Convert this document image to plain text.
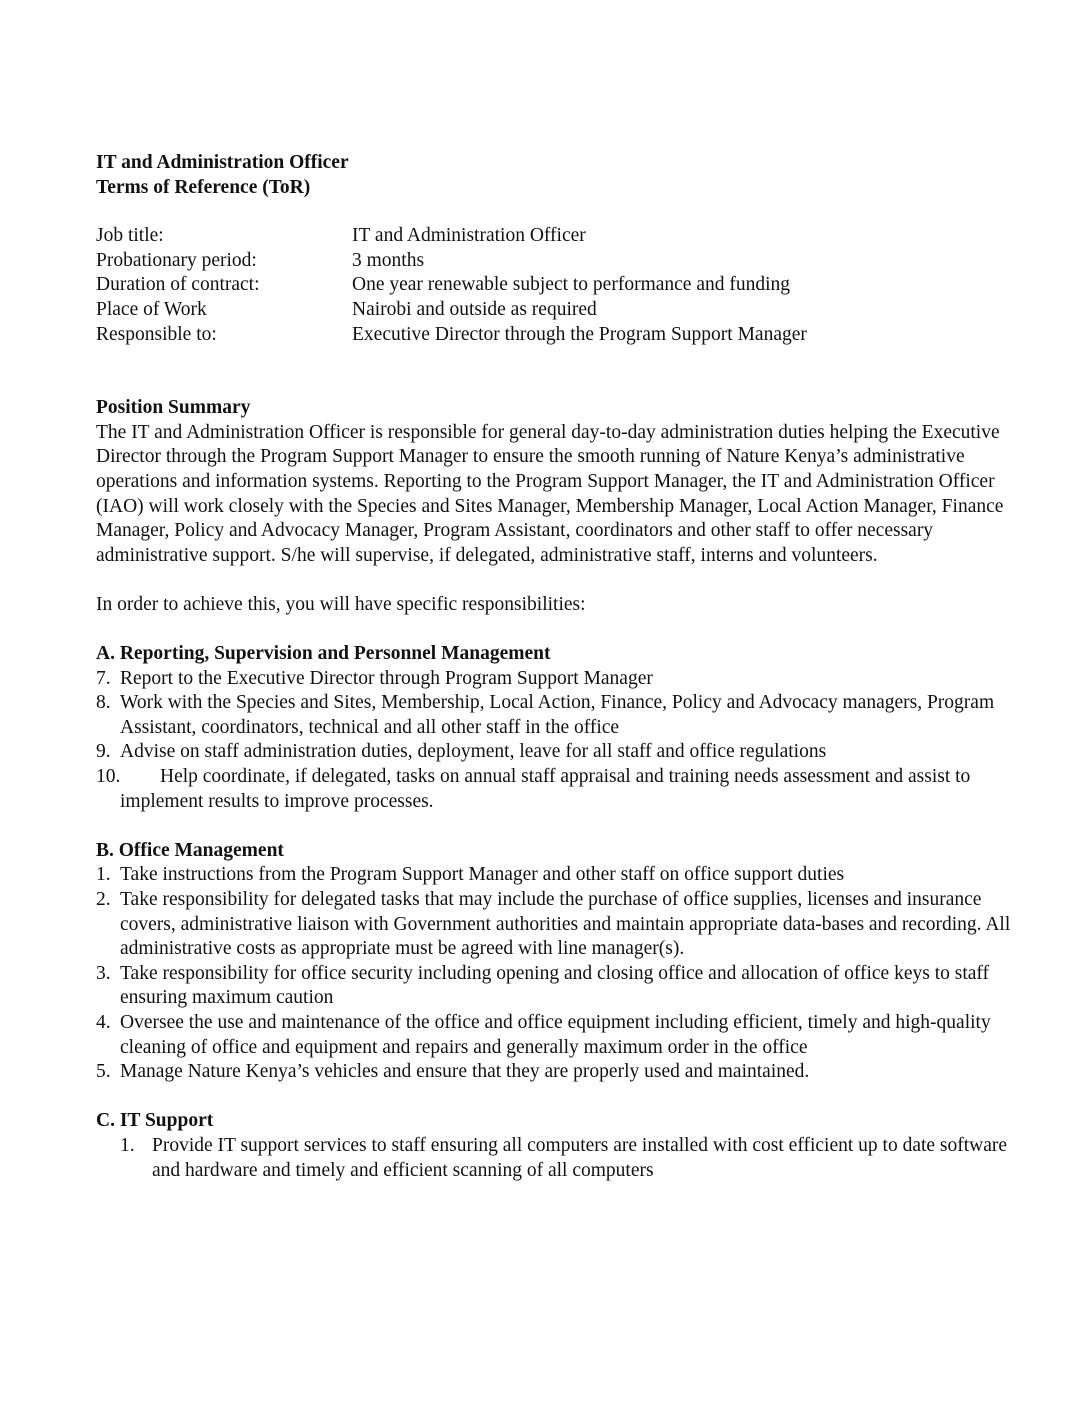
IT and Administration Officer
Terms of Reference (ToR)
Job title:	IT and Administration Officer
Probationary period:	3 months
Duration of contract:	One year renewable subject to performance and funding
Place of Work	Nairobi and outside as required
Responsible to:	Executive Director through the Program Support Manager
Position Summary

The IT and Administration Officer is responsible for general day-to-day administration duties helping the Executive Director through the Program Support Manager to ensure the smooth running of Nature Kenya’s administrative operations and information systems. Reporting to the Program Support Manager, the IT and Administration Officer (IAO) will work closely with the Species and Sites Manager, Membership Manager, Local Action Manager, Finance Manager, Policy and Advocacy Manager, Program Assistant, coordinators and other staff to offer necessary administrative support. S/he will supervise, if delegated, administrative staff, interns and volunteers.

In order to achieve this, you will have specific responsibilities:

A. Reporting, Supervision and Personnel Management
7. Report to the Executive Director through Program Support Manager
8. Work with the Species and Sites, Membership, Local Action, Finance, Policy and Advocacy managers, Program Assistant, coordinators, technical and all other staff in the office
9. Advise on staff administration duties, deployment, leave for all staff and office regulations
10. Help coordinate, if delegated, tasks on annual staff appraisal and training needs assessment and assist to implement results to improve processes.
B. Office Management
1. Take instructions from the Program Support Manager and other staff on office support duties
2. Take responsibility for delegated tasks that may include the purchase of office supplies, licenses and insurance covers, administrative liaison with Government authorities and maintain appropriate data-bases and recording. All administrative costs as appropriate must be agreed with line manager(s).
3. Take responsibility for office security including opening and closing office and allocation of office keys to staff ensuring maximum caution
4. Oversee the use and maintenance of the office and office equipment including efficient, timely and high-quality cleaning of office and equipment and repairs and generally maximum order in the office
5. Manage Nature Kenya’s vehicles and ensure that they are properly used and maintained.
C. IT Support
1. Provide IT support services to staff ensuring all computers are installed with cost efficient up to date software and hardware and timely and efficient scanning of all computers
